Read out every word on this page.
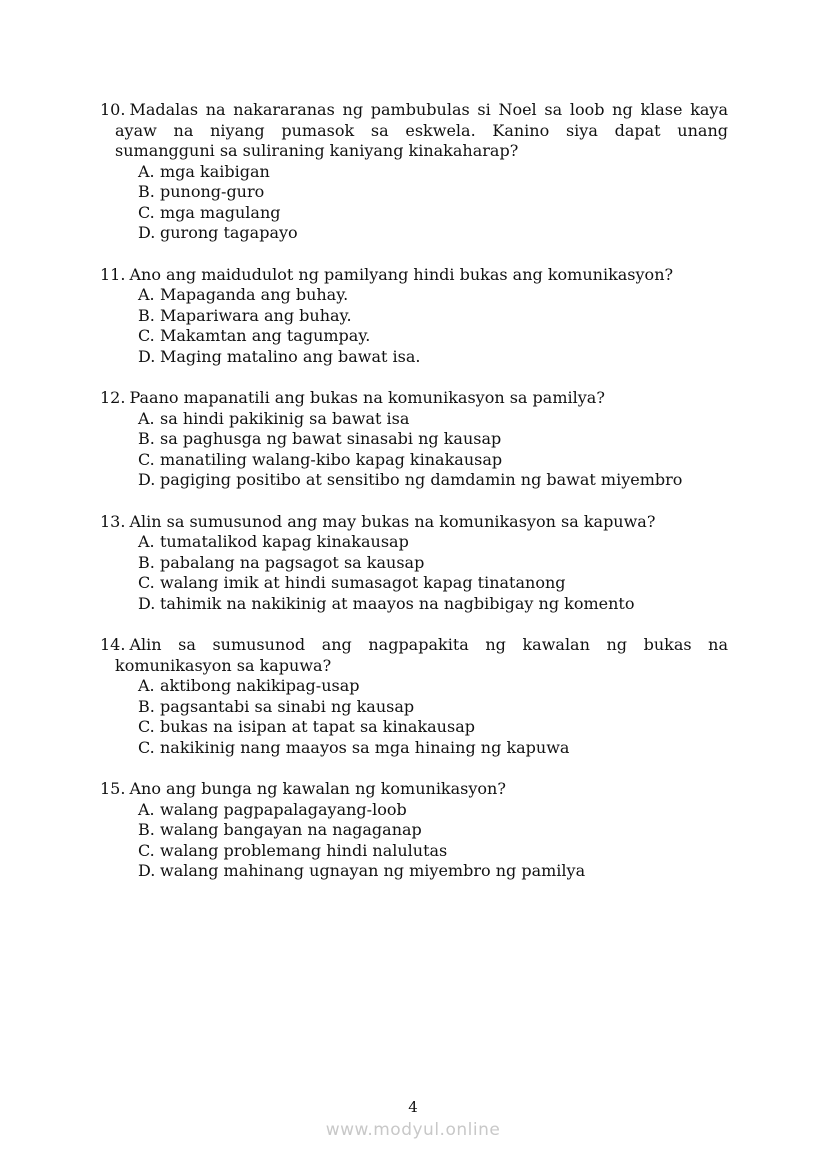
10. Madalas na nakararanas ng pambubulas si Noel sa loob ng klase kaya ayaw na niyang pumasok sa eskwela. Kanino siya dapat unang sumangguni sa suliraning kaniyang kinakaharap?

A. mga kaibigan
B. punong-guro
C. mga magulang
D. gurong tagapayo

11. Ano ang maidudulot ng pamilyang hindi bukas ang komunikasyon?

A. Mapaganda ang buhay.
B. Mapariwara ang buhay.
C. Makamtan ang tagumpay.
D. Maging matalino ang bawat isa.

12. Paano mapanatili ang bukas na komunikasyon sa pamilya?

A. sa hindi pakikinig sa bawat isa
B. sa paghusga ng bawat sinasabi ng kausap
C. manatiling walang-kibo kapag kinakausap
D. pagiging positibo at sensitibo ng damdamin ng bawat miyembro

13. Alin sa sumusunod ang may bukas na komunikasyon sa kapuwa?

A. tumatalikod kapag kinakausap
B. pabalang na pagsagot sa kausap
C. walang imik at hindi sumasagot kapag tinatanong
D. tahimik na nakikinig at maayos na nagbibigay ng komento

14. Alin sa sumusunod ang nagpapakita ng kawalan ng bukas na komunikasyon sa kapuwa?

A. aktibong nakikipag-usap
B. pagsantabi sa sinabi ng kausap
C. bukas na isipan at tapat sa kinakausap
C. nakikinig nang maayos sa mga hinaing ng kapuwa

15. Ano ang bunga ng kawalan ng komunikasyon?

A. walang pagpapalagayang-loob
B. walang bangayan na nagaganap
C. walang problemang hindi nalulutas
D. walang mahinang ugnayan ng miyembro ng pamilya
4
www.modyul.online
